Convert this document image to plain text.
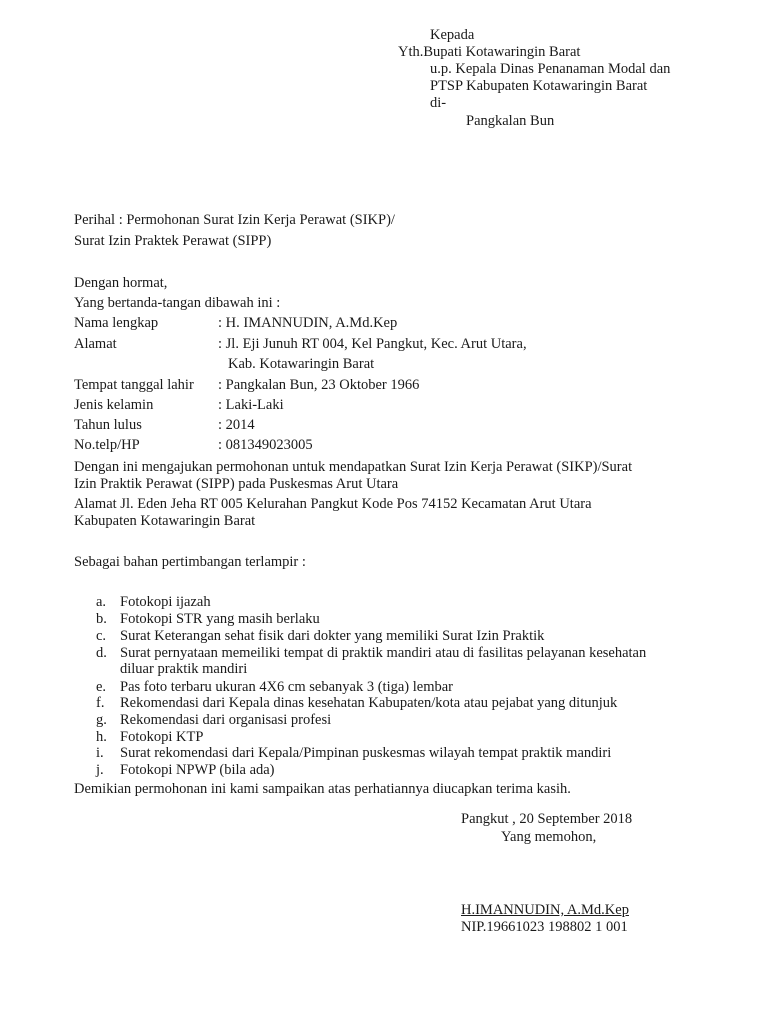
Kepada
Yth.Bupati Kotawaringin Barat
u.p. Kepala Dinas Penanaman Modal dan
PTSP Kabupaten Kotawaringin Barat
di-
Pangkalan Bun
Perihal : Permohonan Surat Izin Kerja Perawat (SIKP)/
Surat Izin Praktek Perawat (SIPP)
Dengan hormat,
Yang bertanda-tangan dibawah ini :
Nama lengkap	: H. IMANNUDIN, A.Md.Kep
Alamat	: Jl. Eji Junuh RT 004, Kel Pangkut, Kec. Arut Utara,
Kab. Kotawaringin Barat
Tempat tanggal lahir : Pangkalan Bun, 23 Oktober 1966
Jenis kelamin	: Laki-Laki
Tahun lulus	: 2014
No.telp/HP	: 081349023005
Dengan ini mengajukan permohonan untuk mendapatkan Surat Izin Kerja Perawat (SIKP)/Surat
Izin Praktik Perawat (SIPP) pada Puskesmas Arut Utara
Alamat Jl. Eden Jeha RT 005 Kelurahan Pangkut Kode Pos 74152 Kecamatan Arut Utara
Kabupaten Kotawaringin Barat
Sebagai bahan pertimbangan terlampir :
a. Fotokopi ijazah
b. Fotokopi STR yang masih berlaku
c. Surat Keterangan sehat fisik dari dokter yang memiliki Surat Izin Praktik
d. Surat pernyataan memeiliki tempat di praktik mandiri atau di fasilitas pelayanan kesehatan
diluar praktik mandiri
e. Pas foto terbaru ukuran 4X6 cm sebanyak 3 (tiga) lembar
f. Rekomendasi dari Kepala dinas kesehatan Kabupaten/kota atau pejabat yang ditunjuk
g. Rekomendasi dari organisasi profesi
h. Fotokopi KTP
i. Surat rekomendasi dari Kepala/Pimpinan puskesmas wilayah tempat praktik mandiri
j. Fotokopi NPWP (bila ada)
Demikian permohonan ini kami sampaikan atas perhatiannya diucapkan terima kasih.
Pangkut , 20 September 2018
Yang memohon,
H.IMANNUDIN, A.Md.Kep
NIP.19661023 198802 1 001
